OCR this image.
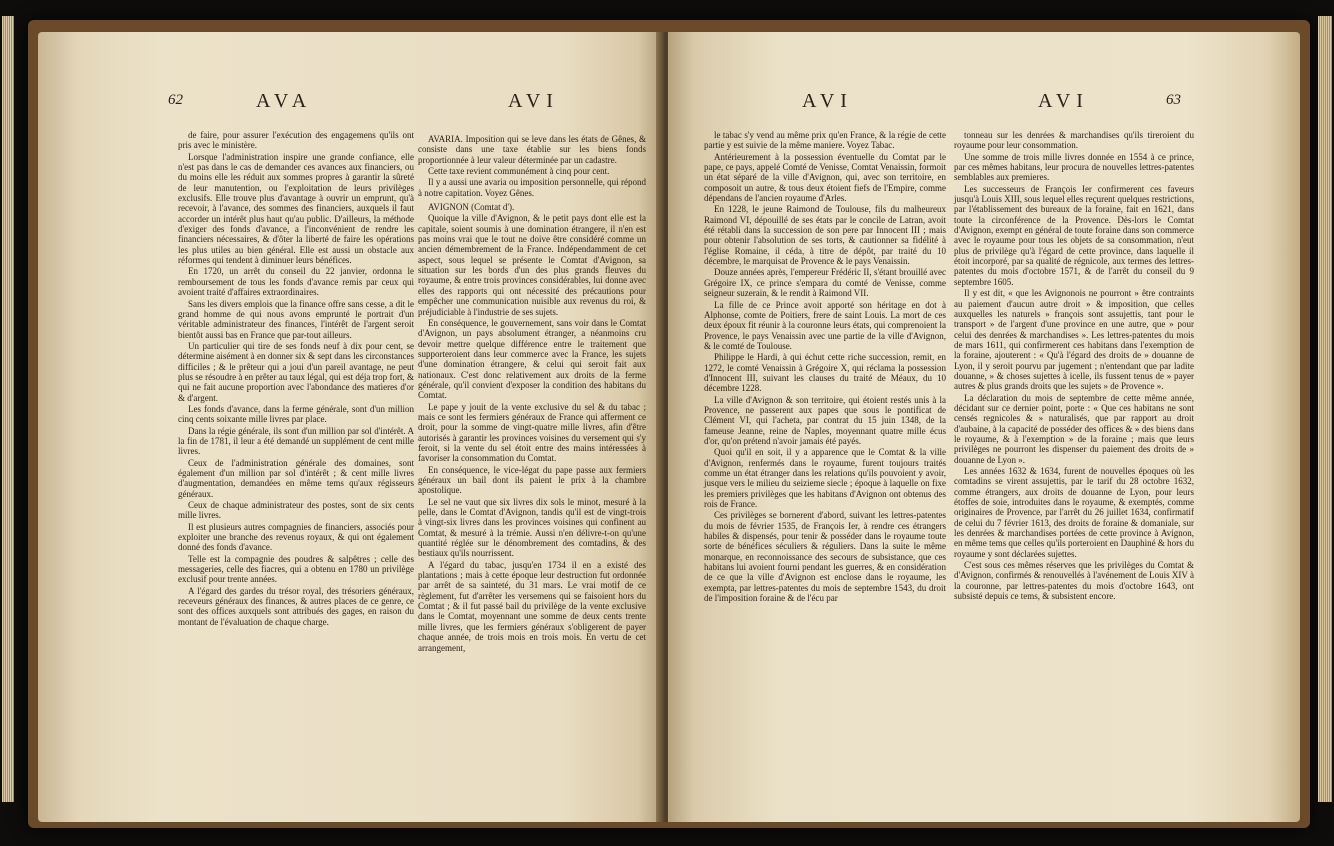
62	AVA	AVI

de faire, pour assurer l'exécution des engagemens qu'ils ont pris avec le ministère.

Lorsque l'administration inspire une grande confiance, elle n'est pas dans le cas de demander ces avances aux financiers, ou du moins elle les réduit aux sommes propres à garantir la sûreté de leur manutention, ou l'exploitation de leurs privilèges exclusifs. Elle trouve plus d'avantage à ouvrir un emprunt, qu'à recevoir, à l'avance, des sommes des financiers, auxquels il faut accorder un intérêt plus haut qu'au public. D'ailleurs, la méthode d'exiger des fonds d'avance, a l'inconvénient de rendre les financiers nécessaires, & d'ôter la liberté de faire les opérations les plus utiles au bien général. Elle est aussi un obstacle aux réformes qui tendent à diminuer leurs bénéfices.

En 1720, un arrêt du conseil du 22 janvier, ordonna le remboursement de tous les fonds d'avance remis par ceux qui avoient traité d'affaires extraordinaires.

Sans les divers emplois que la finance offre sans cesse, a dit le grand homme de qui nous avons emprunté le portrait d'un véritable administrateur des finances, l'intérêt de l'argent seroit bientôt aussi bas en France que par-tout ailleurs.

Un particulier qui tire de ses fonds neuf à dix pour cent, se détermine aisément à en donner six & sept dans les circonstances difficiles ; & le prêteur qui a joui d'un pareil avantage, ne peut plus se résoudre à en prêter au taux légal, qui est déja trop fort, & qui ne fait aucune proportion avec l'abondance des matieres d'or & d'argent.

Les fonds d'avance, dans la ferme générale, sont d'un million cinq cents soixante mille livres par place.

Dans la régie générale, ils sont d'un million par sol d'intérêt. A la fin de 1781, il leur a été demandé un supplément de cent mille livres.

Ceux de l'administration générale des domaines, sont également d'un million par sol d'intérêt ; & cent mille livres d'augmentation, demandées en même tems qu'aux régisseurs généraux.

Ceux de chaque administrateur des postes, sont de six cents mille livres.

Il est plusieurs autres compagnies de financiers, associés pour exploiter une branche des revenus royaux, & qui ont également donné des fonds d'avance.

Telle est la compagnie des poudres & salpêtres ; celle des messageries, celle des fiacres, qui a obtenu en 1780 un privilège exclusif pour trente années.

A l'égard des gardes du trésor royal, des trésoriers généraux, receveurs généraux des finances, & autres places de ce genre, ce sont des offices auxquels sont attribués des gages, en raison du montant de l'évaluation de chaque charge.

AVARIA. Imposition qui se leve dans les états de Gênes, & consiste dans une taxe établie sur les biens fonds proportionnée à leur valeur déterminée par un cadastre.

Cette taxe revient communément à cinq pour cent.

Il y a aussi une avaria ou imposition personnelle, qui répond à notre capitation. Voyez Gênes.

AVIGNON (Comtat d').

Quoique la ville d'Avignon, & le petit pays dont elle est la capitale, soient soumis à une domination étrangere, il n'en est pas moins vrai que le tout ne doive être considéré comme un ancien démembrement de la France. Indépendamment de cet aspect, sous lequel se présente le Comtat d'Avignon, sa situation sur les bords d'un des plus grands fleuves du royaume, & entre trois provinces considérables, lui donne avec elles des rapports qui ont nécessité des précautions pour empêcher une communication nuisible aux revenus du roi, & préjudiciable à l'industrie de ses sujets.

En conséquence, le gouvernement, sans voir dans le Comtat d'Avignon, un pays absolument étranger, a néanmoins cru devoir mettre quelque différence entre le traitement que supporteroient dans leur commerce avec la France, les sujets d'une domination étrangere, & celui qui seroit fait aux nationaux. C'est donc relativement aux droits de la ferme générale, qu'il convient d'exposer la condition des habitans du Comtat.

Le pape y jouit de la vente exclusive du sel & du tabac ; mais ce sont les fermiers généraux de France qui afferment ce droit, pour la somme de vingt-quatre mille livres, afin d'être autorisés à garantir les provinces voisines du versement qui s'y feroit, si la vente du sel étoit entre des mains intéressées à favoriser la consommation du Comtat.

En conséquence, le vice-légat du pape passe aux fermiers généraux un bail dont ils paient le prix à la chambre apostolique.

Le sel ne vaut que six livres dix sols le minot, mesuré à la pelle, dans le Comtat d'Avignon, tandis qu'il est de vingt-trois à vingt-six livres dans les provinces voisines qui confinent au Comtat, & mesuré à la trémie. Aussi n'en délivre-t-on qu'une quantité réglée sur le dénombrement des comtadins, & des bestiaux qu'ils nourrissent.

A l'égard du tabac, jusqu'en 1734 il en a existé des plantations ; mais à cette époque leur destruction fut ordonnée par arrêt de sa sainteté, du 31 mars. Le vrai motif de ce règlement, fut d'arrêter les versemens qui se faisoient hors du Comtat ; & il fut passé bail du privilège de la vente exclusive dans le Comtat, moyennant une somme de deux cents trente mille livres, que les fermiers généraux s'obligerent de payer chaque année, de trois mois en trois mois. En vertu de cet arrangement,

AVI	AVI	63

le tabac s'y vend au même prix qu'en France, & la régie de cette partie y est suivie de la même maniere. Voyez Tabac.

Antérieurement à la possession éventuelle du Comtat par le pape, ce pays, appelé Comté de Venisse, Comtat Venaissin, formoit un état séparé de la ville d'Avignon, qui, avec son territoire, en composoit un autre, & tous deux étoient fiefs de l'Empire, comme dépendans de l'ancien royaume d'Arles.

En 1228, le jeune Raimond de Toulouse, fils du malheureux Raimond VI, dépouillé de ses états par le concile de Latran, avoit été rétabli dans la succession de son pere par Innocent III ; mais pour obtenir l'absolution de ses torts, & cautionner sa fidélité à l'église Romaine, il céda, à titre de dépôt, par traité du 10 décembre, le marquisat de Provence & le pays Venaissin.

Douze années après, l'empereur Frédéric II, s'étant brouillé avec Grégoire IX, ce prince s'empara du comté de Venisse, comme seigneur suzerain, & le rendit à Raimond VII.

La fille de ce Prince avoit apporté son héritage en dot à Alphonse, comte de Poitiers, frere de saint Louis. La mort de ces deux époux fit réunir à la couronne leurs états, qui comprenoient la Provence, le pays Venaissin avec une partie de la ville d'Avignon, & le comté de Toulouse.

Philippe le Hardi, à qui échut cette riche succession, remit, en 1272, le comté Venaissin à Grégoire X, qui réclama la possession d'Innocent III, suivant les clauses du traité de Méaux, du 10 décembre 1228.

La ville d'Avignon & son territoire, qui étoient restés unis à la Provence, ne passerent aux papes que sous le pontificat de Clément VI, qui l'acheta, par contrat du 15 juin 1348, de la fameuse Jeanne, reine de Naples, moyennant quatre mille écus d'or, qu'on prétend n'avoir jamais été payés.

Quoi qu'il en soit, il y a apparence que le Comtat & la ville d'Avignon, renfermés dans le royaume, furent toujours traités comme un état étranger dans les relations qu'ils pouvoient y avoir, jusque vers le milieu du seizieme siecle ; époque à laquelle on fixe les premiers privilèges que les habitans d'Avignon ont obtenus des rois de France.

Ces privilèges se bornerent d'abord, suivant les lettres-patentes du mois de février 1535, de François Ier, à rendre ces étrangers habiles & dispensés, pour tenir & posséder dans le royaume toute sorte de bénéfices séculiers & réguliers. Dans la suite le même monarque, en reconnoissance des secours de subsistance, que ces habitans lui avoient fourni pendant les guerres, & en considération de ce que la ville d'Avignon est enclose dans le royaume, les exempta, par lettres-patentes du mois de septembre 1543, du droit de l'imposition foraine & de l'écu par

tonneau sur les denrées & marchandises qu'ils tireroient du royaume pour leur consommation.

Une somme de trois mille livres donnée en 1554 à ce prince, par ces mêmes habitans, leur procura de nouvelles lettres-patentes semblables aux premieres.

Les successeurs de François Ier confirmerent ces faveurs jusqu'à Louis XIII, sous lequel elles reçurent quelques restrictions, par l'établissement des bureaux de la foraine, fait en 1621, dans toute la circonférence de la Provence. Dès-lors le Comtat d'Avignon, exempt en général de toute foraine dans son commerce avec le royaume pour tous les objets de sa consommation, n'eut plus de privilège qu'à l'égard de cette province, dans laquelle il étoit incorporé, par sa qualité de régnicole, aux termes des lettres-patentes du mois d'octobre 1571, & de l'arrêt du conseil du 9 septembre 1605.

Il y est dit, « que les Avignonois ne pourront » être contraints au paiement d'aucun autre droit » & imposition, que celles auxquelles les naturels » françois sont assujettis, tant pour le transport » de l'argent d'une province en une autre, que » pour celui des denrées & marchandises ». Les lettres-patentes du mois de mars 1611, qui confirmerent ces habitans dans l'exemption de la foraine, ajouterent : « Qu'à l'égard des droits de » douanne de Lyon, il y seroit pourvu par jugement ; n'entendant que par ladite douanne, » & choses sujettes à icelle, ils fussent tenus de » payer autres & plus grands droits que les sujets » de Provence ».

La déclaration du mois de septembre de cette même année, décidant sur ce dernier point, porte : « Que ces habitans ne sont censés regnicoles & » naturalisés, que par rapport au droit d'aubaine, à la capacité de posséder des offices & » des biens dans le royaume, & à l'exemption » de la foraine ; mais que leurs privilèges ne pourront les dispenser du paiement des droits de » douanne de Lyon ».

Les années 1632 & 1634, furent de nouvelles époques où les comtadins se virent assujettis, par le tarif du 28 octobre 1632, comme étrangers, aux droits de douanne de Lyon, pour leurs étoffes de soie, introduites dans le royaume, & exemptés, comme originaires de Provence, par l'arrêt du 26 juillet 1634, confirmatif de celui du 7 février 1613, des droits de foraine & domaniale, sur les denrées & marchandises portées de cette province à Avignon, en même tems que celles qu'ils porteroient en Dauphiné & hors du royaume y sont déclarées sujettes.

C'est sous ces mêmes réserves que les privilèges du Comtat & d'Avignon, confirmés & renouvellés à l'avénement de Louis XIV à la couronne, par lettres-patentes du mois d'octobre 1643, ont subsisté depuis ce tems, & subsistent encore.
